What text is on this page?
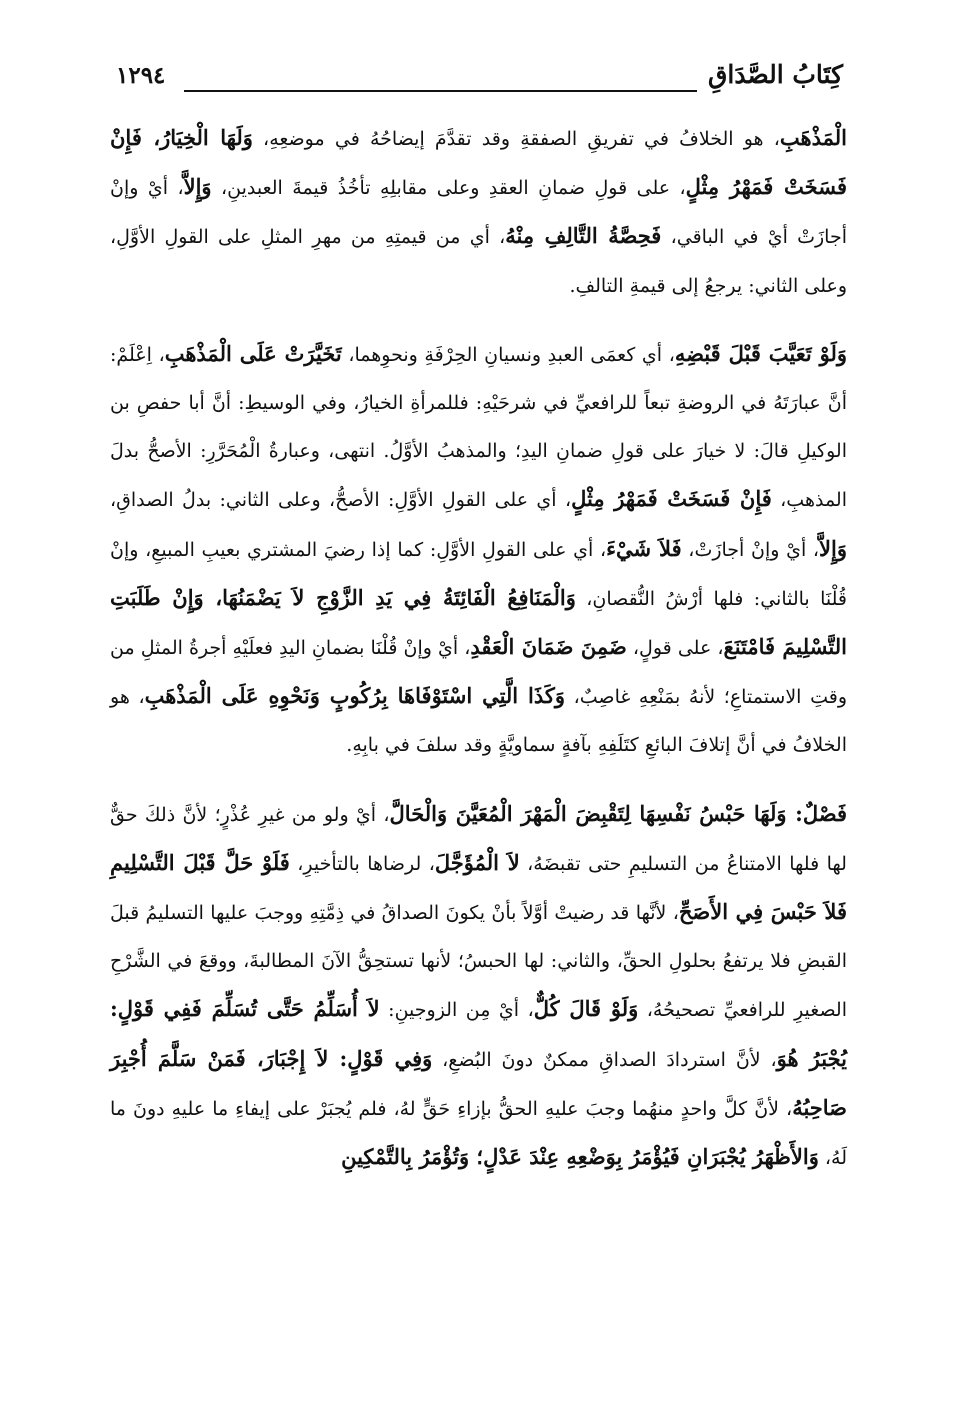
كِتَابُ الصَّدَاقِ
١٢٩٤

الْمَذْهَبِ، هو الخلافُ في تفريقِ الصفقةِ وقد تقدَّمَ إيضاحُهُ في موضعِهِ، وَلَهَا الْخِيَارُ، فَإِنْ فَسَخَتْ فَمَهْرُ مِثْلٍ، على قولِ ضمانِ العقدِ وعلى مقابلِهِ تأخُذُ قيمةَ العبدينِ، وَإِلاَّ، أيْ وإنْ أجازَتْ أيْ في الباقي، فَحِصَّةُ التَّالِفِ مِنْهُ، أي من قيمتِهِ من مهرِ المثلِ على القولِ الأوَّلِ، وعلى الثاني: يرجعُ إلى قيمةِ التالفِ.

وَلَوْ تَعَيَّبَ قَبْلَ قَبْضِهِ، أي كعمَى العبدِ ونسيانِ الحِرْفَةِ ونحوِهما، تَخَيَّرَتْ عَلَى الْمَذْهَبِ، اِعْلَمْ: أنَّ عبارَتَهُ في الروضةِ تبعاً للرافعيِّ في شرحَيْهِ: فللمرأةِ الخيارُ، وفي الوسيطِ: أنَّ أبا حفصِ بن الوكيلِ قالَ: لا خيارَ على قولِ ضمانِ اليدِ؛ والمذهبُ الأوَّلُ. انتهى، وعبارةُ الْمُحَرَّرِ: الأصحُّ بدلَ المذهبِ، فَإِنْ فَسَخَتْ فَمَهْرُ مِثْلٍ، أي على القولِ الأوَّلِ: الأصحُّ، وعلى الثاني: بدلُ الصداقِ، وَإِلاَّ، أيْ وإنْ أجازَتْ، فَلاَ شَيْءَ، أي على القولِ الأوَّلِ: كما إذا رضيَ المشتري بعيبِ المبيعِ، وإنْ قُلْنَا بالثاني: فلها أرْشُ النُّقصانِ، وَالْمَنَافِعُ الْفَائِتَةُ فِي يَدِ الزَّوْجِ لاَ يَضْمَنُهَا، وَإِنْ طَلَبَتِ التَّسْلِيمَ فَامْتَنَعَ، على قولٍ، ضَمِنَ ضَمَانَ الْعَقْدِ، أيْ وإنْ قُلْنَا بضمانِ اليدِ فعلَيْهِ أجرةُ المثلِ من وقتِ الاستمتاعِ؛ لأنهُ بمَنْعِهِ غاصِبٌ، وَكَذَا الَّتِي اسْتَوْفَاهَا بِرُكُوبٍ وَنَحْوِهِ عَلَى الْمَذْهَبِ، هو الخلافُ في أنَّ إتلافَ البائعِ كتَلَفِهِ بآفةٍ سماويَّةٍ وقد سلفَ في بابِهِ.

فَصْلٌ: وَلَهَا حَبْسُ نَفْسِهَا لِتَقْبِضَ الْمَهْرَ الْمُعَيَّنَ وَالْحَالَّ، أيْ ولو من غيرِ عُذْرٍ؛ لأنَّ ذلكَ حقٌّ لها فلها الامتناعُ من التسليمِ حتى تقبضَهُ، لاَ الْمُؤَجَّلَ، لرضاها بالتأخيرِ، فَلَوْ حَلَّ قَبْلَ التَّسْلِيمِ فَلاَ حَبْسَ فِي الأَصَحِّ، لأنَّها قد رضيتْ أوَّلاً بأنْ يكونَ الصداقُ في ذِمَّتِهِ ووجبَ عليها التسليمُ قبلَ القبضِ فلا يرتفعُ بحلولِ الحقِّ، والثاني: لها الحبسُ؛ لأنها تستحِقُّ الآنَ المطالبةَ، ووقعَ في الشَّرْحِ الصغيرِ للرافعيِّ تصحيحُهُ، وَلَوْ قَالَ كُلٌّ، أيْ مِن الزوجينِ: لاَ أُسَلِّمُ حَتَّى تُسَلِّمَ فَفِي قَوْلٍ: يُجْبَرُ هُوَ، لأنَّ استردادَ الصداقِ ممكنٌ دونَ البُضعِ، وَفِي قَوْلٍ: لاَ إِجْبَارَ، فَمَنْ سَلَّمَ أُجْبِرَ صَاحِبُهُ، لأنَّ كلَّ واحدٍ منهُما وجبَ عليهِ الحقُّ بإزاءِ حَقٍّ لهُ، فلم يُجبَرْ على إيفاءِ ما عليهِ دونَ ما لَهُ، وَالأَظْهَرُ يُجْبَرَانِ فَيُؤْمَرُ بِوَضْعِهِ عِنْدَ عَدْلٍ؛ وَتُؤْمَرُ بِالتَّمْكِينِ
